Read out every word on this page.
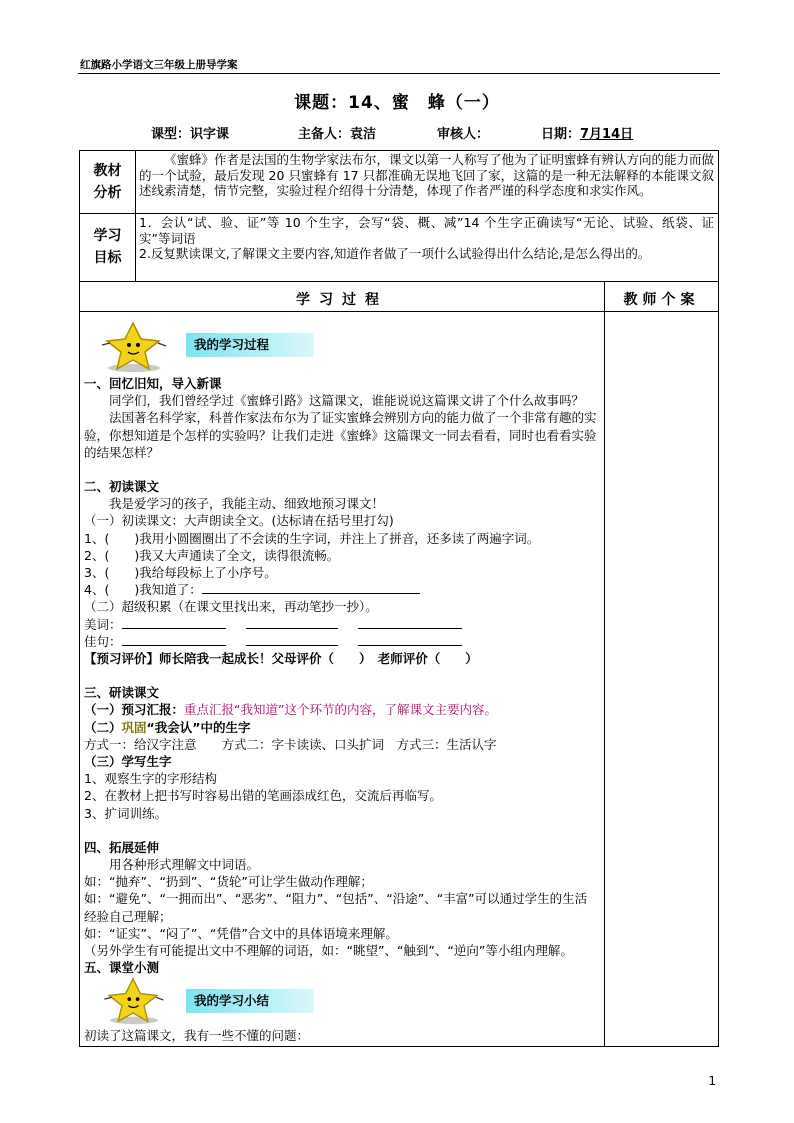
红旗路小学语文三年级上册导学案
课题：14、蜜　蜂（一）
课型：识字课	主备人：袁洁	审核人：	日期：7月14日
教材
分析
《蜜蜂》作者是法国的生物学家法布尔，课文以第一人称写了他为了证明蜜蜂有辨认方向的能力而做的一个试验，最后发现 20 只蜜蜂有 17 只都准确无误地飞回了家，这篇的是一种无法解释的本能课文叙述线索清楚，情节完整，实验过程介绍得十分清楚，体现了作者严谨的科学态度和求实作风。
学习
目标
1．会认“试、验、证”等 10 个生字，会写“袋、概、减”14 个生字正确读写“无论、试验、纸袋、证实”等词语
2.反复默读课文,了解课文主要内容,知道作者做了一项什么试验得出什么结论,是怎么得出的。
学习过程	教师个案
我的学习过程

一、回忆旧知，导入新课

同学们，我们曾经学过《蜜蜂引路》这篇课文，谁能说说这篇课文讲了个什么故事吗？

法国著名科学家，科普作家法布尔为了证实蜜蜂会辨别方向的能力做了一个非常有趣的实验，你想知道是个怎样的实验吗？让我们走进《蜜蜂》这篇课文一同去看看，同时也看看实验的结果怎样？

二、初读课文

我是爱学习的孩子，我能主动、细致地预习课文！

（一）初读课文：大声朗读全文。(达标请在括号里打勾)

1、(　　)我用小圆圈圈出了不会读的生字词，并注上了拼音，还多读了两遍字词。

2、(　　)我又大声通读了全文，读得很流畅。

3、(　　)我给每段标上了小序号。

4、(　　)我知道了：

（二）超级积累（在课文里找出来，再动笔抄一抄）。

美词：

佳句：

【预习评价】师长陪我一起成长！父母评价（　　）　老师评价（　　）

三、研读课文

（一）预习汇报：重点汇报“我知道”这个环节的内容，了解课文主要内容。

（二）巩固“我会认”中的生字

方式一：给汉字注意　　方式二：字卡读读、口头扩词　方式三：生活认字

（三）学写生字

1、观察生字的字形结构

2、在教材上把书写时容易出错的笔画添成红色，交流后再临写。

3、扩词训练。

四、拓展延伸

用各种形式理解文中词语。

如：“抛弃”、“扔到”、“货轮”可让学生做动作理解；

如：“避免”、“一拥而出”、“恶劣”、“阻力”、“包括”、“沿途”、“丰富”可以通过学生的生活经验自己理解；

如：“证实”、“闷了”、“凭借”合文中的具体语境来理解。

（另外学生有可能提出文中不理解的词语，如：“眺望”、“触到”、“逆向”等小组内理解。

五、课堂小测

我的学习小结

初读了这篇课文，我有一些不懂的问题：

1
